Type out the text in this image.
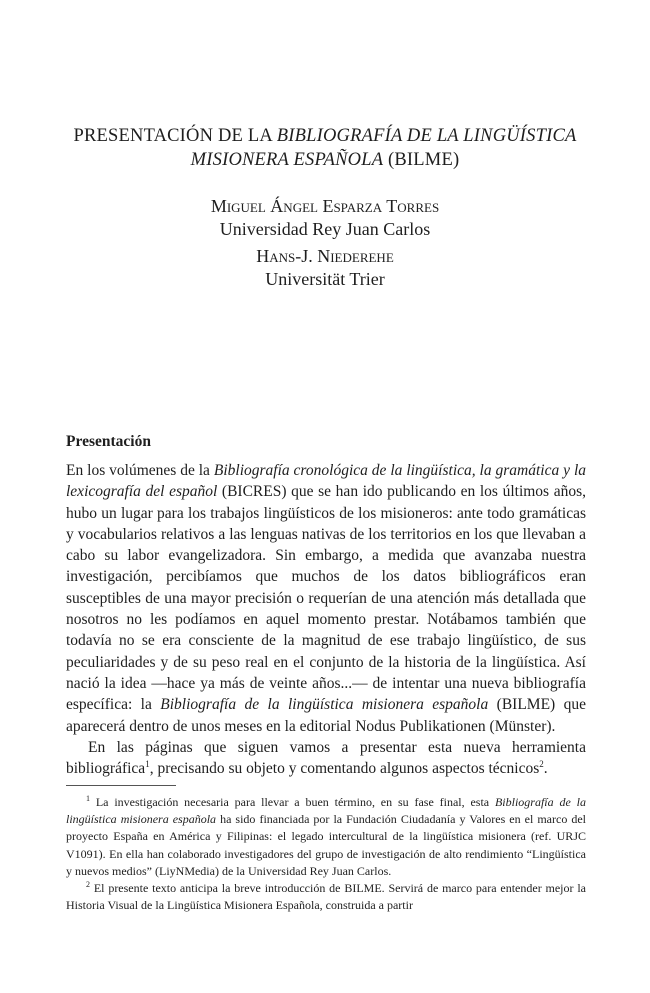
PRESENTACIÓN DE LA BIBLIOGRAFÍA DE LA LINGÜÍSTICA
MISIONERA ESPAÑOLA (BILME)
Miguel Ángel Esparza Torres
Universidad Rey Juan Carlos
Hans-J. Niederehe
Universität Trier
Presentación

En los volúmenes de la Bibliografía cronológica de la lingüística, la gramática y la lexicografía del español (BICRES) que se han ido publicando en los últimos años, hubo un lugar para los trabajos lingüísticos de los misioneros: ante todo gramáticas y vocabularios relativos a las lenguas nativas de los territorios en los que llevaban a cabo su labor evangelizadora. Sin embargo, a medida que avanzaba nuestra investigación, percibíamos que muchos de los datos bibliográficos eran susceptibles de una mayor precisión o requerían de una atención más detallada que nosotros no les podíamos en aquel momento prestar. Notábamos también que todavía no se era consciente de la magnitud de ese trabajo lingüístico, de sus peculiaridades y de su peso real en el conjunto de la historia de la lingüística. Así nació la idea —hace ya más de veinte años...— de intentar una nueva bibliografía específica: la Bibliografía de la lingüística misionera española (BILME) que aparecerá dentro de unos meses en la editorial Nodus Publikationen (Münster).

En las páginas que siguen vamos a presentar esta nueva herramienta bibliográfica$^1$, precisando su objeto y comentando algunos aspectos técnicos$^2$.

$^1$ La investigación necesaria para llevar a buen término, en su fase final, esta Bibliografía de la lingüística misionera española ha sido financiada por la Fundación Ciudadanía y Valores en el marco del proyecto España en América y Filipinas: el legado intercultural de la lingüística misionera (ref. URJC V1091). En ella han colaborado investigadores del grupo de investigación de alto rendimiento “Lingüística y nuevos medios” (LiyNMedia) de la Universidad Rey Juan Carlos.

$^2$ El presente texto anticipa la breve introducción de BILME. Servirá de marco para entender mejor la Historia Visual de la Lingüística Misionera Española, construida a partir
